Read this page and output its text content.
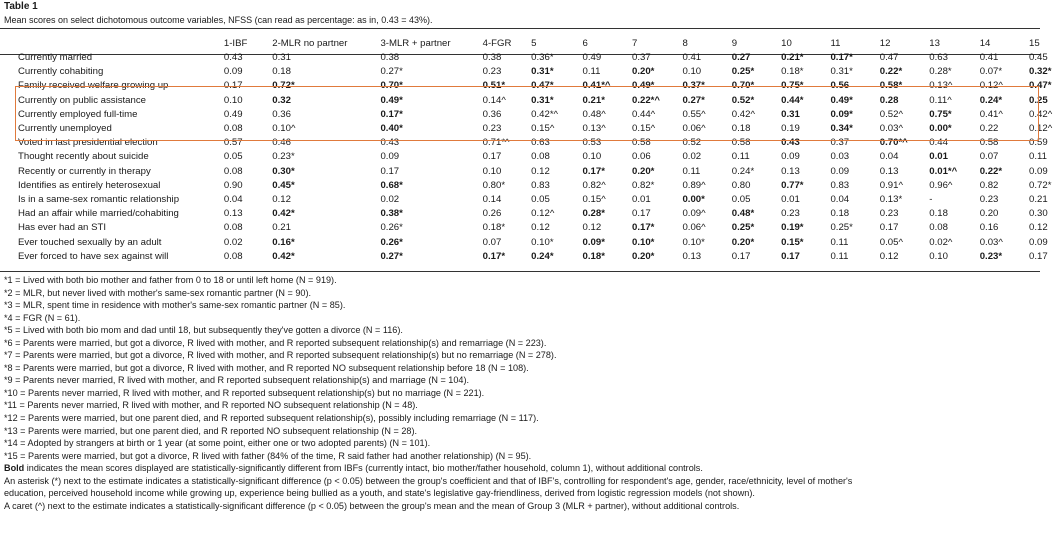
Table 1
Mean scores on select dichotomous outcome variables, NFSS (can read as percentage: as in, 0.43 = 43%).
	1-IBF	2-MLR no partner	3-MLR + partner	4-FGR	5	6	7	8	9	10	11	12	13	14	15
Currently married	0.43	0.31	0.38	0.38	0.36*	0.49	0.37	0.41	0.27	0.21*	0.17*	0.47	0.63	0.41	0.45
Currently cohabiting	0.09	0.18	0.27*	0.23	0.31*	0.11	0.20*	0.10	0.25*	0.18*	0.31*	0.22*	0.28*	0.07*	0.32*
Family received welfare growing up	0.17	0.72*	0.70*	0.51*	0.47*	0.41*^	0.49*	0.37*	0.70*	0.75*	0.56	0.58*	0.13^	0.12^	0.47*
Currently on public assistance	0.10	0.32	0.49*	0.14^	0.31*	0.21*	0.22*^	0.27*	0.52*	0.44*	0.49*	0.28	0.11^	0.24*	0.25
Currently employed full-time	0.49	0.36	0.17*	0.36	0.42*^	0.48^	0.44^	0.55^	0.42^	0.31	0.09*	0.52^	0.75*	0.41^	0.42^
Currently unemployed	0.08	0.10^	0.40*	0.23	0.15^	0.13^	0.15^	0.06^	0.18	0.19	0.34*	0.03^	0.00*	0.22	0.12^
Voted in last presidential election	0.57	0.46	0.43	0.71*^	0.63	0.53	0.58	0.52	0.58	0.43	0.37	0.70*^	0.44	0.58	0.59
Thought recently about suicide	0.05	0.23*	0.09	0.17	0.08	0.10	0.06	0.02	0.11	0.09	0.03	0.04	0.01	0.07	0.11
Recently or currently in therapy	0.08	0.30*	0.17	0.10	0.12	0.17*	0.20*	0.11	0.24*	0.13	0.09	0.13	0.01*^	0.22*	0.09
Identifies as entirely heterosexual	0.90	0.45*	0.68*	0.80*	0.83	0.82^	0.82*	0.89^	0.80	0.77*	0.83	0.91^	0.96^	0.82	0.72*
Is in a same-sex romantic relationship	0.04	0.12	0.02	0.14	0.05	0.15^	0.01	0.00*	0.05	0.01	0.04	0.13*	-	0.23	0.21
Had an affair while married/cohabiting	0.13	0.42*	0.38*	0.26	0.12^	0.28*	0.17	0.09^	0.48*	0.23	0.18	0.23	0.18	0.20	0.30
Has ever had an STI	0.08	0.21	0.26*	0.18*	0.12	0.12	0.17*	0.06^	0.25*	0.19*	0.25*	0.17	0.08	0.16	0.12
Ever touched sexually by an adult	0.02	0.16*	0.26*	0.07	0.10*	0.09*	0.10*	0.10*	0.20*	0.15*	0.11	0.05^	0.02^	0.03^	0.09
Ever forced to have sex against will	0.08	0.42*	0.27*	0.17*	0.24*	0.18*	0.20*	0.13	0.17	0.17	0.11	0.12	0.10	0.23*	0.17
*1 = Lived with both bio mother and father from 0 to 18 or until left home (N = 919).
*2 = MLR, but never lived with mother's same-sex romantic partner (N = 90).
*3 = MLR, spent time in residence with mother's same-sex romantic partner (N = 85).
*4 = FGR (N = 61).
*5 = Lived with both bio mom and dad until 18, but subsequently they've gotten a divorce (N = 116).
*6 = Parents were married, but got a divorce, R lived with mother, and R reported subsequent relationship(s) and remarriage (N = 223).
*7 = Parents were married, but got a divorce, R lived with mother, and R reported subsequent relationship(s) but no remarriage (N = 278).
*8 = Parents were married, but got a divorce, R lived with mother, and R reported NO subsequent relationship before 18 (N = 108).
*9 = Parents never married, R lived with mother, and R reported subsequent relationship(s) and marriage (N = 104).
*10 = Parents never married, R lived with mother, and R reported subsequent relationship(s) but no marriage (N = 221).
*11 = Parents never married, R lived with mother, and R reported NO subsequent relationship (N = 48).
*12 = Parents were married, but one parent died, and R reported subsequent relationship(s), possibly including remarriage (N = 117).
*13 = Parents were married, but one parent died, and R reported NO subsequent relationship (N = 28).
*14 = Adopted by strangers at birth or 1 year (at some point, either one or two adopted parents) (N = 101).
*15 = Parents were married, but got a divorce, R lived with father (84% of the time, R said father had another relationship) (N = 95).
Bold indicates the mean scores displayed are statistically-significantly different from IBFs (currently intact, bio mother/father household, column 1), without additional controls.
An asterisk (*) next to the estimate indicates a statistically-significant difference (p < 0.05) between the group's coefficient and that of IBF's, controlling for respondent's age, gender, race/ethnicity, level of mother's
education, perceived household income while growing up, experience being bullied as a youth, and state's legislative gay-friendliness, derived from logistic regression models (not shown).
A caret (^) next to the estimate indicates a statistically-significant difference (p < 0.05) between the group's mean and the mean of Group 3 (MLR + partner), without additional controls.
